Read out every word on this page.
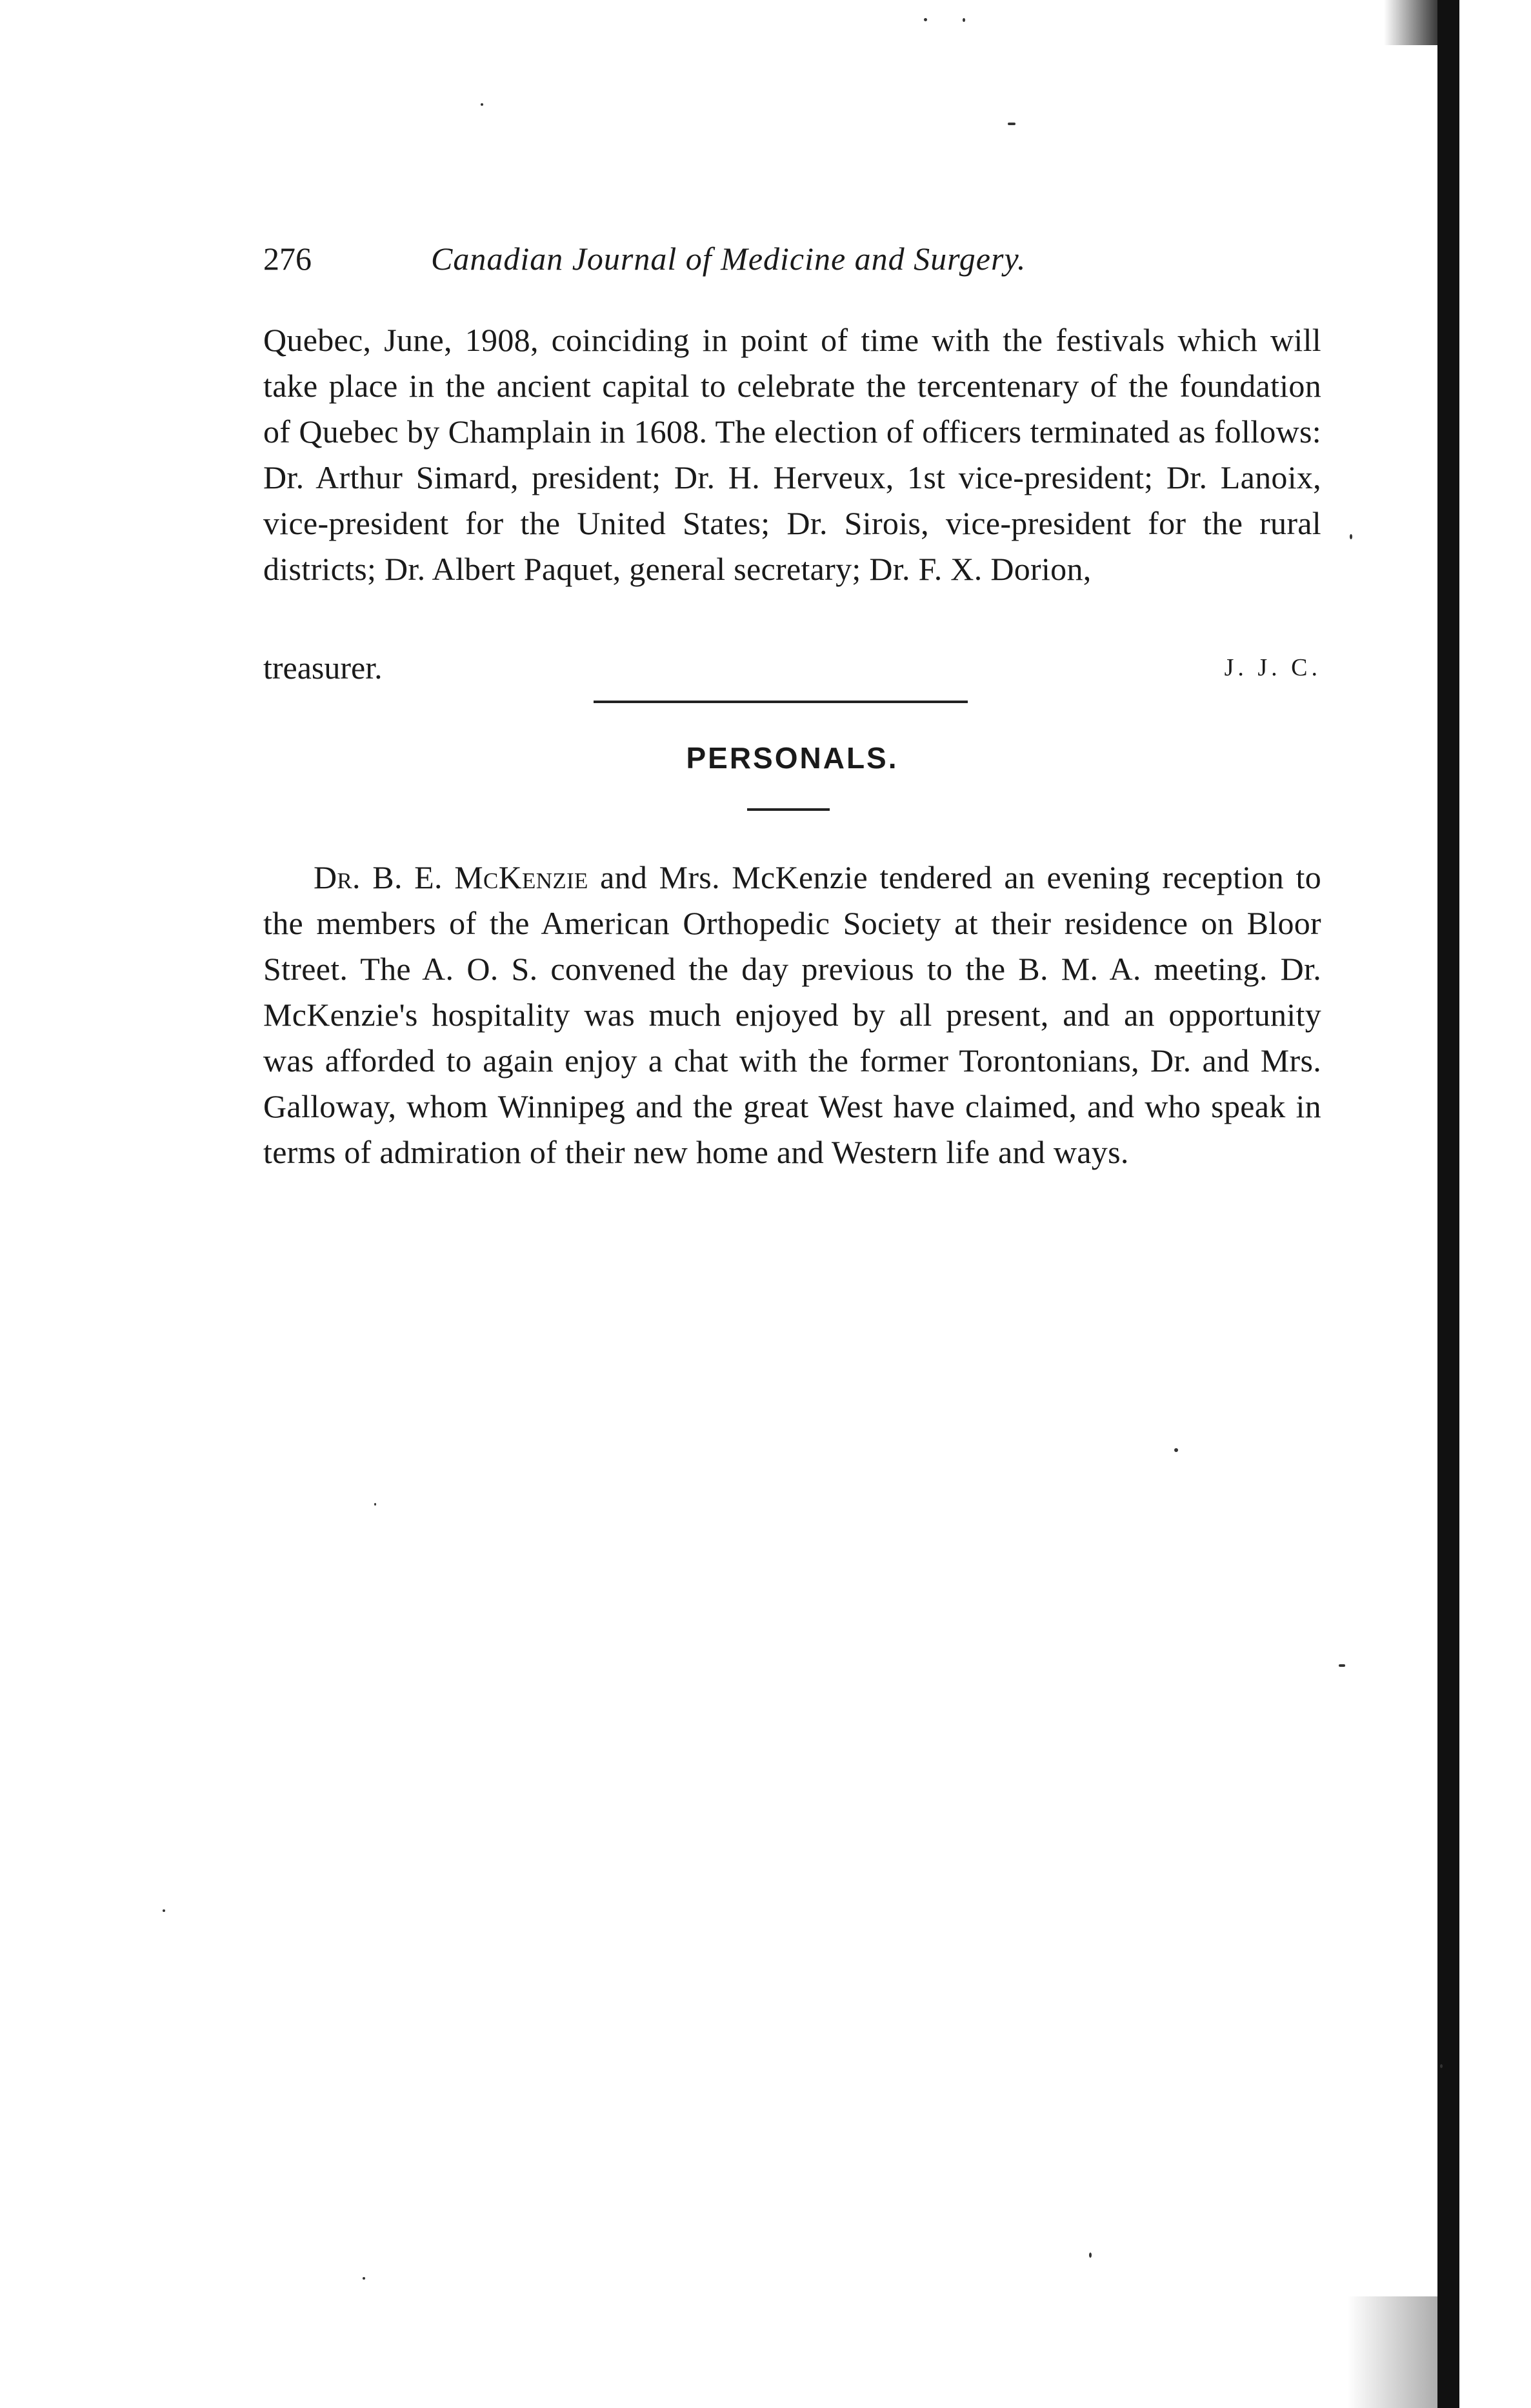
276	Canadian Journal of Medicine and Surgery.
Quebec, June, 1908, coinciding in point of time with the festivals which will take place in the ancient capital to celebrate the tercentenary of the foundation of Quebec by Champlain in 1608. The election of officers terminated as follows: Dr. Arthur Simard, president; Dr. H. Herveux, 1st vice-president; Dr. Lanoix, vice-president for the United States; Dr. Sirois, vice-president for the rural districts; Dr. Albert Paquet, general secretary; Dr. F. X. Dorion,
treasurer.	J. J. C.
PERSONALS.

Dr. B. E. McKenzie and Mrs. McKenzie tendered an evening reception to the members of the American Orthopedic Society at their residence on Bloor Street. The A. O. S. convened the day previous to the B. M. A. meeting. Dr. McKenzie's hospitality was much enjoyed by all present, and an opportunity was afforded to again enjoy a chat with the former Torontonians, Dr. and Mrs. Galloway, whom Winnipeg and the great West have claimed, and who speak in terms of admiration of their new home and Western life and ways.
